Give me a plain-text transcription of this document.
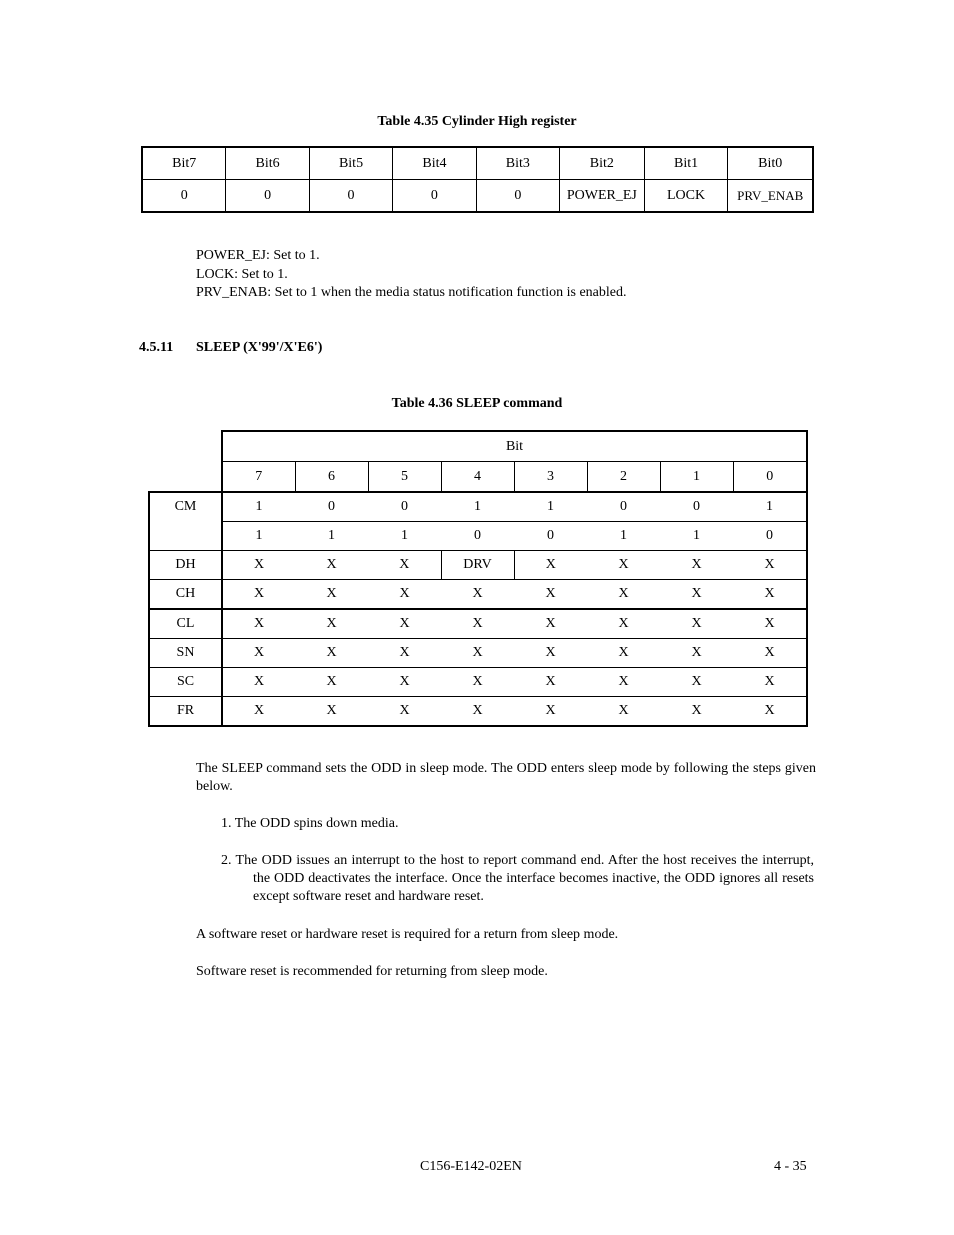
Table 4.35 Cylinder High register
Bit7	Bit6	Bit5	Bit4	Bit3	Bit2	Bit1	Bit0
0	0	0	0	0	POWER_EJ	LOCK	PRV_ENAB
POWER_EJ: Set to 1.
LOCK: Set to 1.
PRV_ENAB: Set to 1 when the media status notification function is enabled.
4.5.11 SLEEP (X'99'/X'E6')
Table 4.36 SLEEP command
	Bit							
	7	6	5	4	3	2	1	0
CM	1	0	0	1	1	0	0	1
	1	1	1	0	0	1	1	0
DH	X	X	X	DRV	X	X	X	X
CH	X	X	X	X	X	X	X	X
CL	X	X	X	X	X	X	X	X
SN	X	X	X	X	X	X	X	X
SC	X	X	X	X	X	X	X	X
FR	X	X	X	X	X	X	X	X
The SLEEP command sets the ODD in sleep mode. The ODD enters sleep mode by following the steps given below.
1. The ODD spins down media.
2. The ODD issues an interrupt to the host to report command end. After the host receives the interrupt, the ODD deactivates the interface. Once the interface becomes inactive, the ODD ignores all resets except software reset and hardware reset.
A software reset or hardware reset is required for a return from sleep mode.
Software reset is recommended for returning from sleep mode.
C156-E142-02EN	4 - 35
